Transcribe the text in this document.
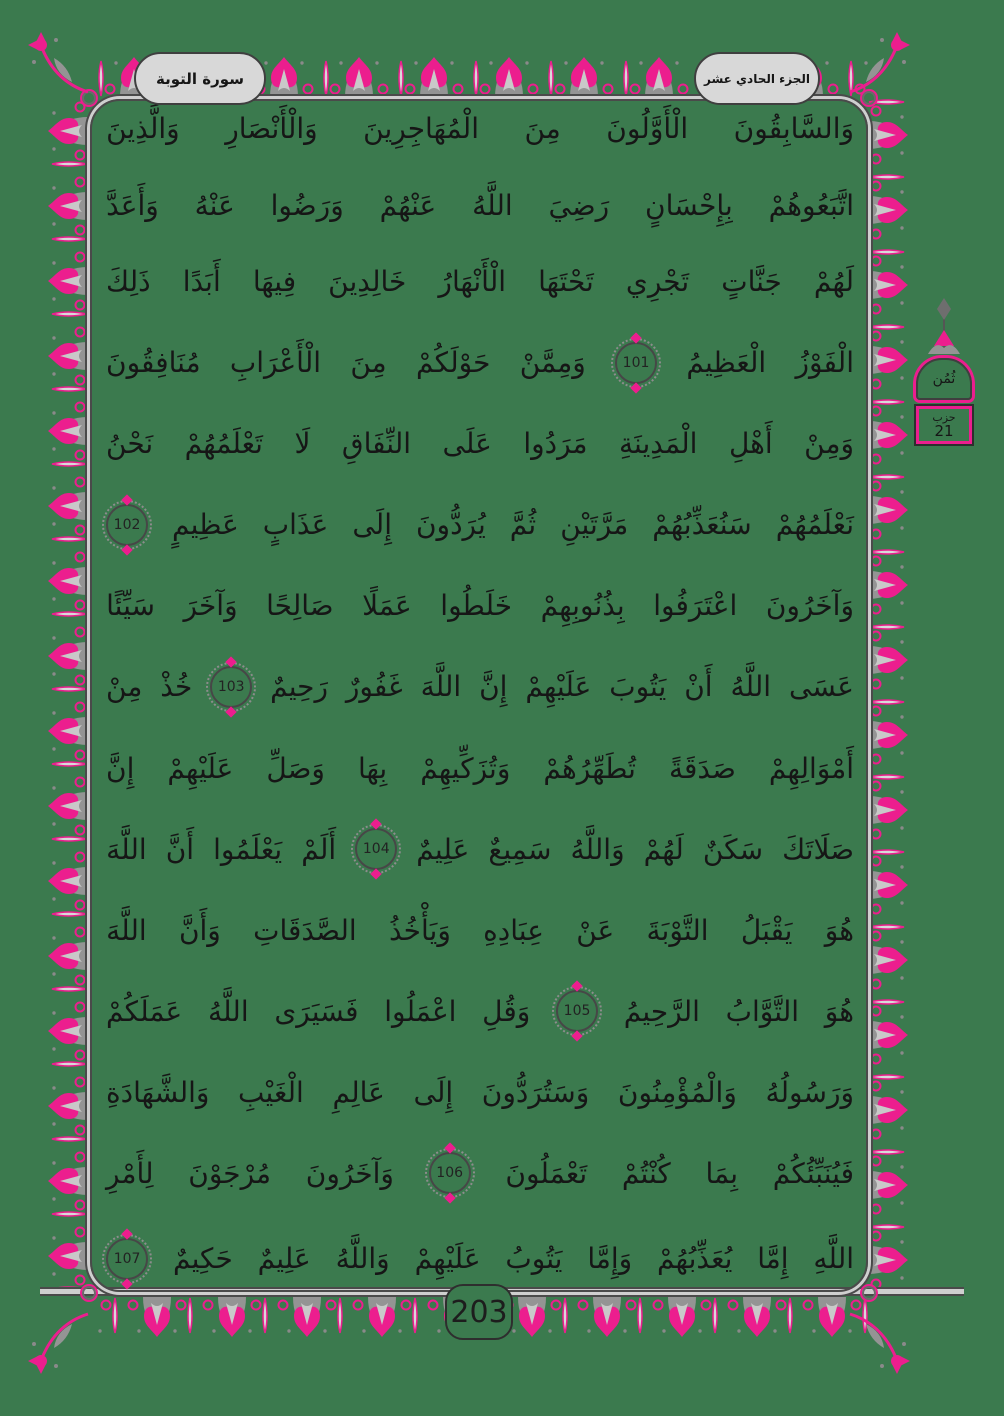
سورة التوبة	الجزء الحادي عشر
ثُمُن
حزب
21
وَالسَّابِقُونَ
الْأَوَّلُونَ
مِنَ
الْمُهَاجِرِينَ
وَالْأَنْصَارِ
وَالَّذِينَ
اتَّبَعُوهُمْ
بِإِحْسَانٍ
رَضِيَ
اللَّهُ
عَنْهُمْ
وَرَضُوا
عَنْهُ
وَأَعَدَّ
لَهُمْ
جَنَّاتٍ
تَجْرِي
تَحْتَهَا
الْأَنْهَارُ
خَالِدِينَ
فِيهَا
أَبَدًا
ذَلِكَ
الْفَوْزُ
الْعَظِيمُ
101
وَمِمَّنْ
حَوْلَكُمْ
مِنَ
الْأَعْرَابِ
مُنَافِقُونَ
وَمِنْ
أَهْلِ
الْمَدِينَةِ
مَرَدُوا
عَلَى
النِّفَاقِ
لَا
تَعْلَمُهُمْ
نَحْنُ
نَعْلَمُهُمْ
سَنُعَذِّبُهُمْ
مَرَّتَيْنِ
ثُمَّ
يُرَدُّونَ
إِلَى
عَذَابٍ
عَظِيمٍ
102
وَآخَرُونَ
اعْتَرَفُوا
بِذُنُوبِهِمْ
خَلَطُوا
عَمَلًا
صَالِحًا
وَآخَرَ
سَيِّئًا
عَسَى
اللَّهُ
أَنْ
يَتُوبَ
عَلَيْهِمْ
إِنَّ
اللَّهَ
غَفُورٌ
رَحِيمٌ
103
خُذْ
مِنْ
أَمْوَالِهِمْ
صَدَقَةً
تُطَهِّرُهُمْ
وَتُزَكِّيهِمْ
بِهَا
وَصَلِّ
عَلَيْهِمْ
إِنَّ
صَلَاتَكَ
سَكَنٌ
لَهُمْ
وَاللَّهُ
سَمِيعٌ
عَلِيمٌ
104
أَلَمْ
يَعْلَمُوا
أَنَّ
اللَّهَ
هُوَ
يَقْبَلُ
التَّوْبَةَ
عَنْ
عِبَادِهِ
وَيَأْخُذُ
الصَّدَقَاتِ
وَأَنَّ
اللَّهَ
هُوَ
التَّوَّابُ
الرَّحِيمُ
105
وَقُلِ
اعْمَلُوا
فَسَيَرَى
اللَّهُ
عَمَلَكُمْ
وَرَسُولُهُ
وَالْمُؤْمِنُونَ
وَسَتُرَدُّونَ
إِلَى
عَالِمِ
الْغَيْبِ
وَالشَّهَادَةِ
فَيُنَبِّئُكُمْ
بِمَا
كُنْتُمْ
تَعْمَلُونَ
106
وَآخَرُونَ
مُرْجَوْنَ
لِأَمْرِ
اللَّهِ
إِمَّا
يُعَذِّبُهُمْ
وَإِمَّا
يَتُوبُ
عَلَيْهِمْ
وَاللَّهُ
عَلِيمٌ
حَكِيمٌ
107
203
